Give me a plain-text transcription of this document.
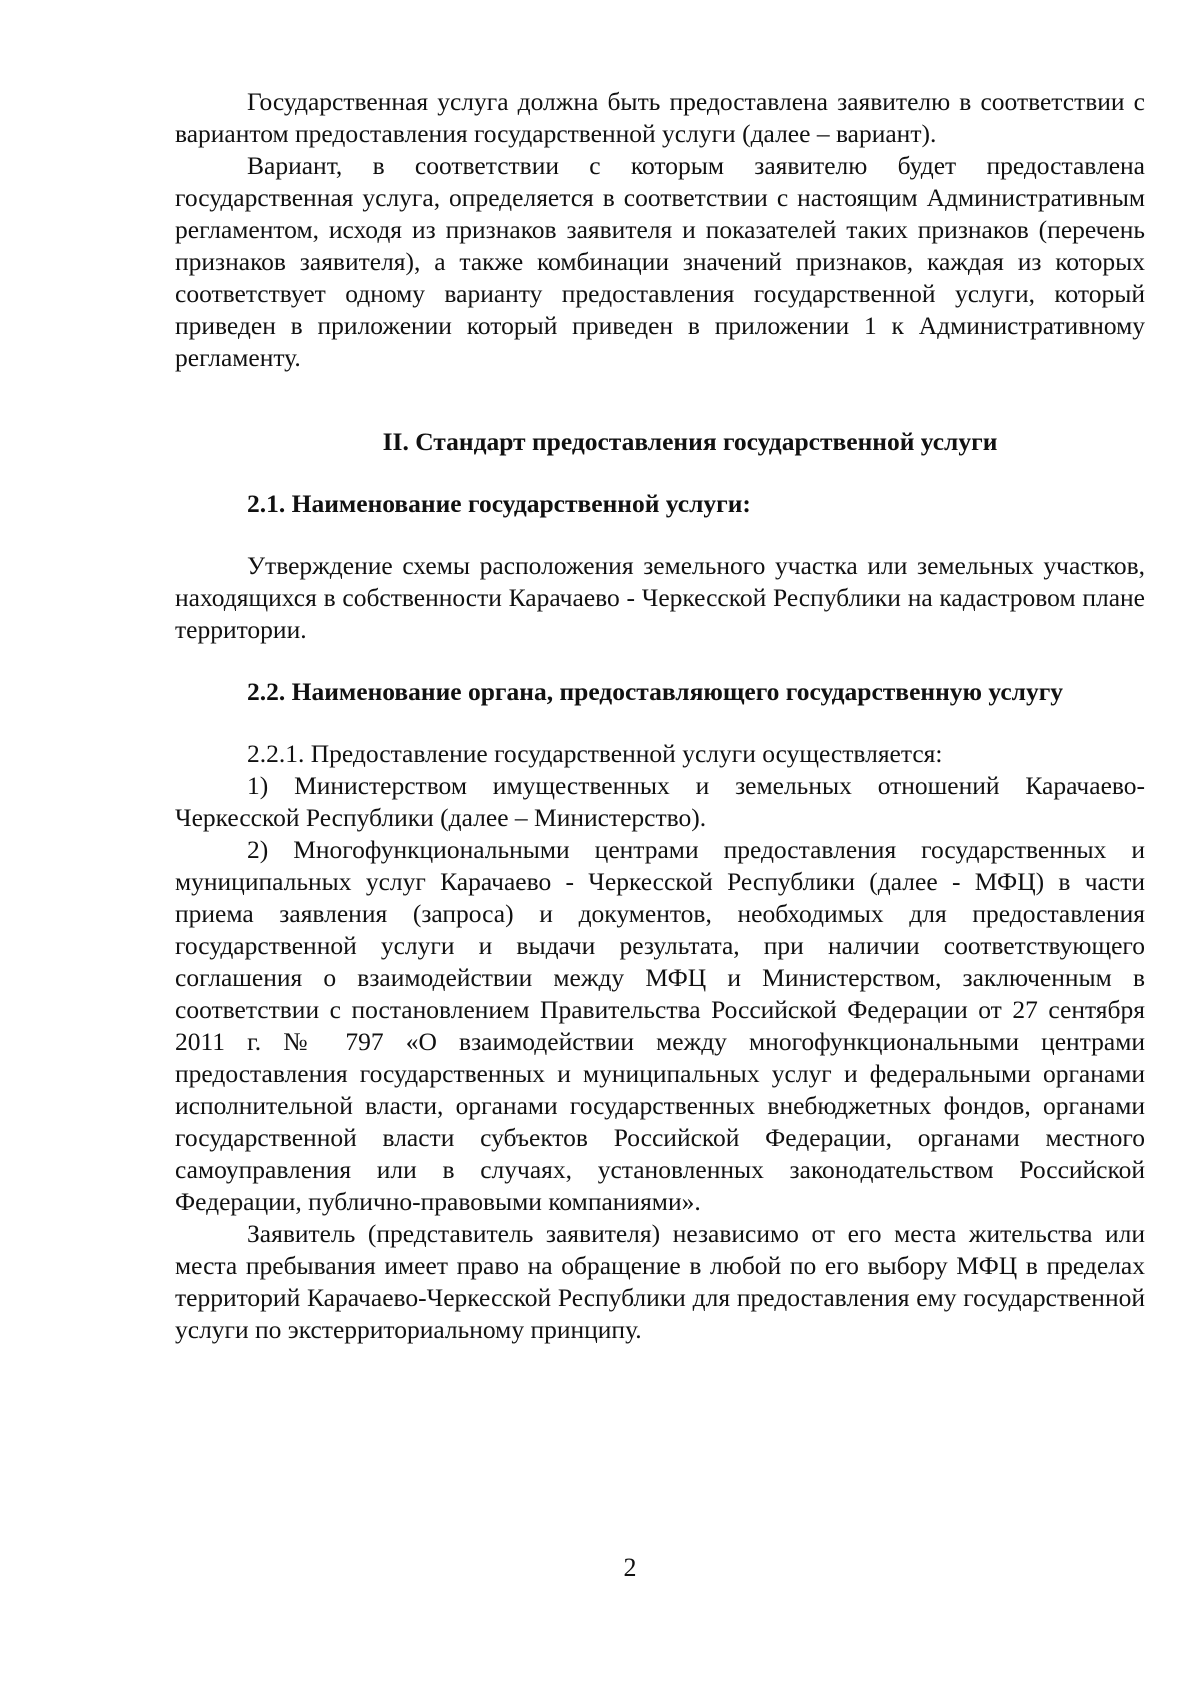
Государственная услуга должна быть предоставлена заявителю в соответствии с вариантом предоставления государственной услуги (далее – вариант).

Вариант, в соответствии с которым заявителю будет предоставлена государственная услуга, определяется в соответствии с настоящим Административным регламентом, исходя из признаков заявителя и показателей таких признаков (перечень признаков заявителя), а также комбинации значений признаков, каждая из которых соответствует одному варианту предоставления государственной услуги, который приведен в приложении который приведен в приложении 1 к Административному регламенту.

II. Стандарт предоставления государственной услуги

2.1. Наименование государственной услуги:

Утверждение схемы расположения земельного участка или земельных участков, находящихся в собственности Карачаево - Черкесской Республики на кадастровом плане территории.

2.2. Наименование органа, предоставляющего государственную услугу

2.2.1. Предоставление государственной услуги осуществляется:

1) Министерством имущественных и земельных отношений Карачаево-Черкесской Республики (далее – Министерство).

2) Многофункциональными центрами предоставления государственных и муниципальных услуг Карачаево - Черкесской Республики (далее - МФЦ) в части приема заявления (запроса) и документов, необходимых для предоставления государственной услуги и выдачи результата, при наличии соответствующего соглашения о взаимодействии между МФЦ и Министерством, заключенным в соответствии с постановлением Правительства Российской Федерации от 27 сентября 2011 г. № 797 «О взаимодействии между многофункциональными центрами предоставления государственных и муниципальных услуг и федеральными органами исполнительной власти, органами государственных внебюджетных фондов, органами государственной власти субъектов Российской Федерации, органами местного самоуправления или в случаях, установленных законодательством Российской Федерации, публично-правовыми компаниями».

Заявитель (представитель заявителя) независимо от его места жительства или места пребывания имеет право на обращение в любой по его выбору МФЦ в пределах территорий Карачаево-Черкесской Республики для предоставления ему государственной услуги по экстерриториальному принципу.

2
